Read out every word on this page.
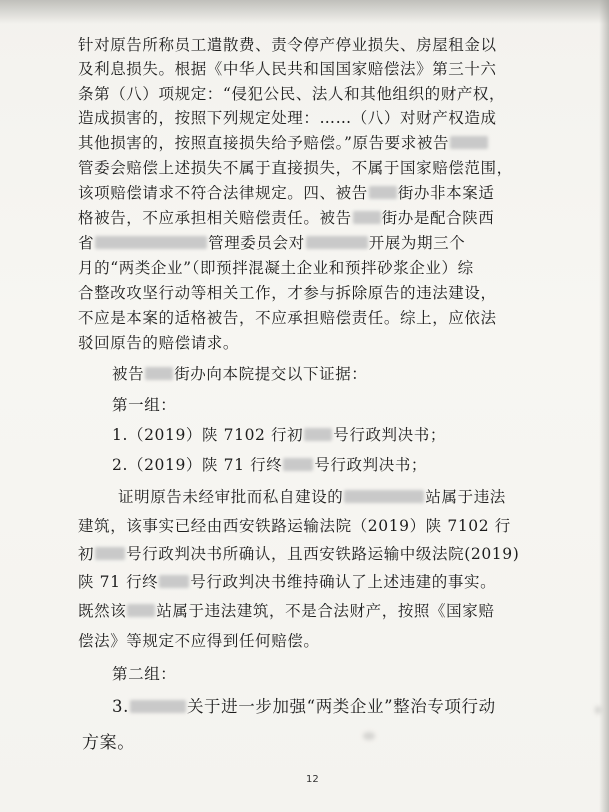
针对原告所称员工遣散费、责令停产停业损失、房屋租金以
及利息损失。根据《中华人民共和国国家赔偿法》第三十六
条第（八）项规定：“侵犯公民、法人和其他组织的财产权，
造成损害的，按照下列规定处理：……（八）对财产权造成
其他损害的，按照直接损失给予赔偿。”原告要求被告
管委会赔偿上述损失不属于直接损失，不属于国家赔偿范围，
该项赔偿请求不符合法律规定。四、被告 街办非本案适
格被告，不应承担相关赔偿责任。被告 街办是配合陕西
省	管理委员会对	开展为期三个
月的“两类企业”（即预拌混凝土企业和预拌砂浆企业）综
合整改攻坚行动等相关工作，才参与拆除原告的违法建设，
不应是本案的适格被告，不应承担赔偿责任。综上，应依法
驳回原告的赔偿请求。
被告 街办向本院提交以下证据：
第一组：
1.（2019）陕 7102 行初 号行政判决书；
2.（2019）陕 71 行终 号行政判决书；
证明原告未经审批而私自建设的	站属于违法
建筑，该事实已经由西安铁路运输法院（2019）陕 7102 行
初 号行政判决书所确认，且西安铁路运输中级法院(2019)
陕 71 行终 号行政判决书维持确认了上述违建的事实。
既然该 站属于违法建筑，不是合法财产，按照《国家赔
偿法》等规定不应得到任何赔偿。
第二组：
3.	关于进一步加强“两类企业”整治专项行动
方案。
12
